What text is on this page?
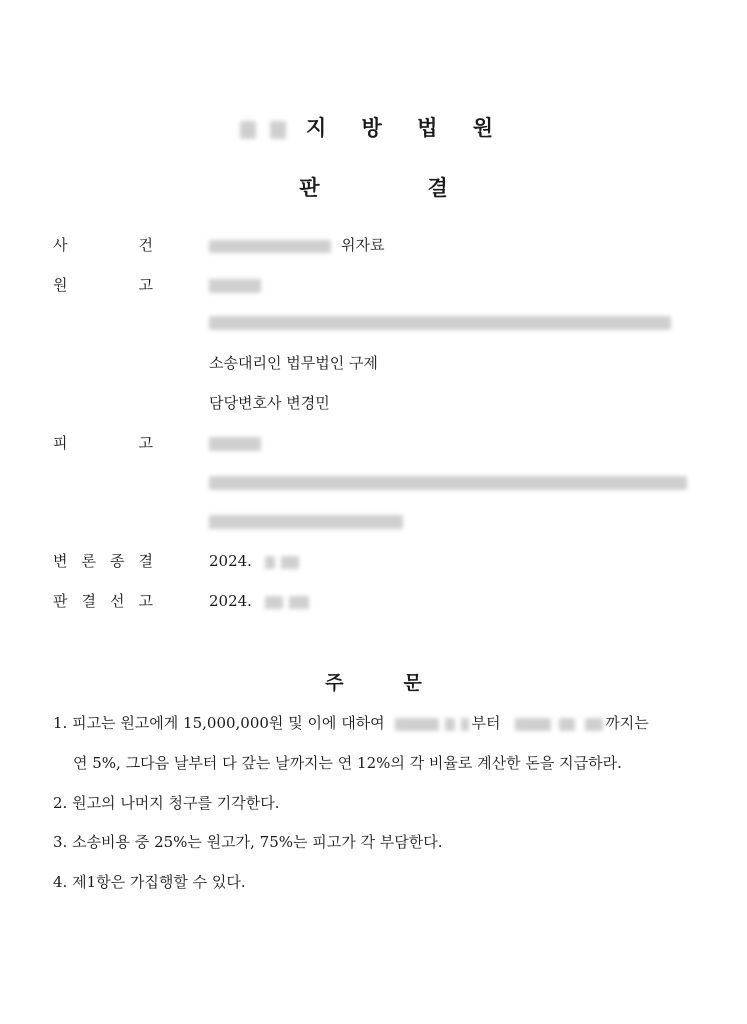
지 방 법 원
판	결
사	건	위자료
원	고
소송대리인 법무법인 구제
담당변호사 변경민
피	고
변 론 종 결	2024.
판 결 선 고	2024.
주	문
1. 피고는 원고에게 15,000,000원 및 이에 대하여	부터	까지는
연 5%, 그다음 날부터 다 갚는 날까지는 연 12%의 각 비율로 계산한 돈을 지급하라.
2. 원고의 나머지 청구를 기각한다.
3. 소송비용 중 25%는 원고가, 75%는 피고가 각 부담한다.
4. 제1항은 가집행할 수 있다.
